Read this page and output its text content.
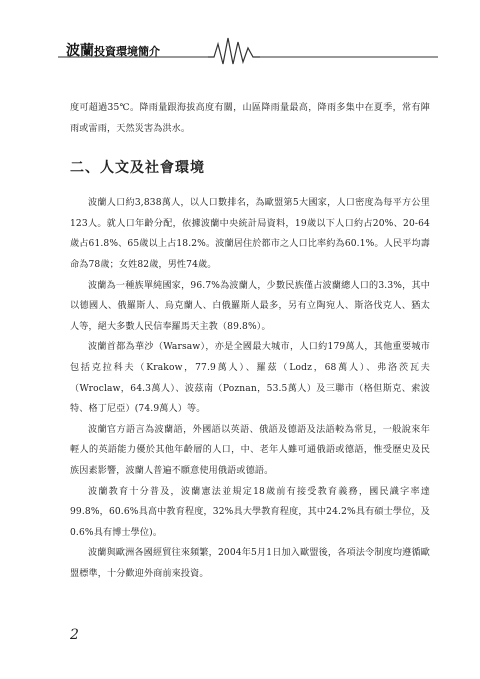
波蘭投資環境簡介

度可超過35℃。降雨量跟海拔高度有關，山區降雨量最高，降雨多集中在夏季，常有陣雨或雷雨，天然災害為洪水。

二、人文及社會環境

波蘭人口約3,838萬人，以人口數排名，為歐盟第5大國家，人口密度為每平方公里123人。就人口年齡分配，依據波蘭中央統計局資料，19歲以下人口約占20%、20-64歲占61.8%、65歲以上占18.2%。波蘭居住於都市之人口比率約為60.1%。人民平均壽命為78歲；女姓82歲，男性74歲。

波蘭為一種族單純國家，96.7%為波蘭人，少數民族僅占波蘭總人口的3.3%，其中以德國人、俄羅斯人、烏克蘭人、白俄羅斯人最多，另有立陶宛人、斯洛伐克人、猶太人等，絕大多數人民信奉羅馬天主教（89.8%）。

波蘭首都為華沙（Warsaw），亦是全國最大城市，人口約179萬人，其他重要城市包括克拉科夫（Krakow，77.9萬人）、羅茲（Lodz，68萬人）、弗洛茨瓦夫（Wroclaw，64.3萬人）、波茲南（Poznan，53.5萬人）及三聯市（格但斯克、索波特、格丁尼亞）(74.9萬人）等。

波蘭官方語言為波蘭語，外國語以英語、俄語及德語及法語較為常見，一般說來年輕人的英語能力優於其他年齡層的人口，中、老年人雖可通俄語或德語，惟受歷史及民族因素影響，波蘭人普遍不願意使用俄語或德語。

波蘭教育十分普及，波蘭憲法並規定18歲前有接受教育義務，國民識字率達99.8%，60.6%具高中教育程度，32%具大學教育程度，其中24.2%具有碩士學位，及0.6%具有博士學位)。

波蘭與歐洲各國經貿往來頻繁，2004年5月1日加入歐盟後，各項法令制度均遵循歐盟標準，十分歡迎外商前來投資。

2
